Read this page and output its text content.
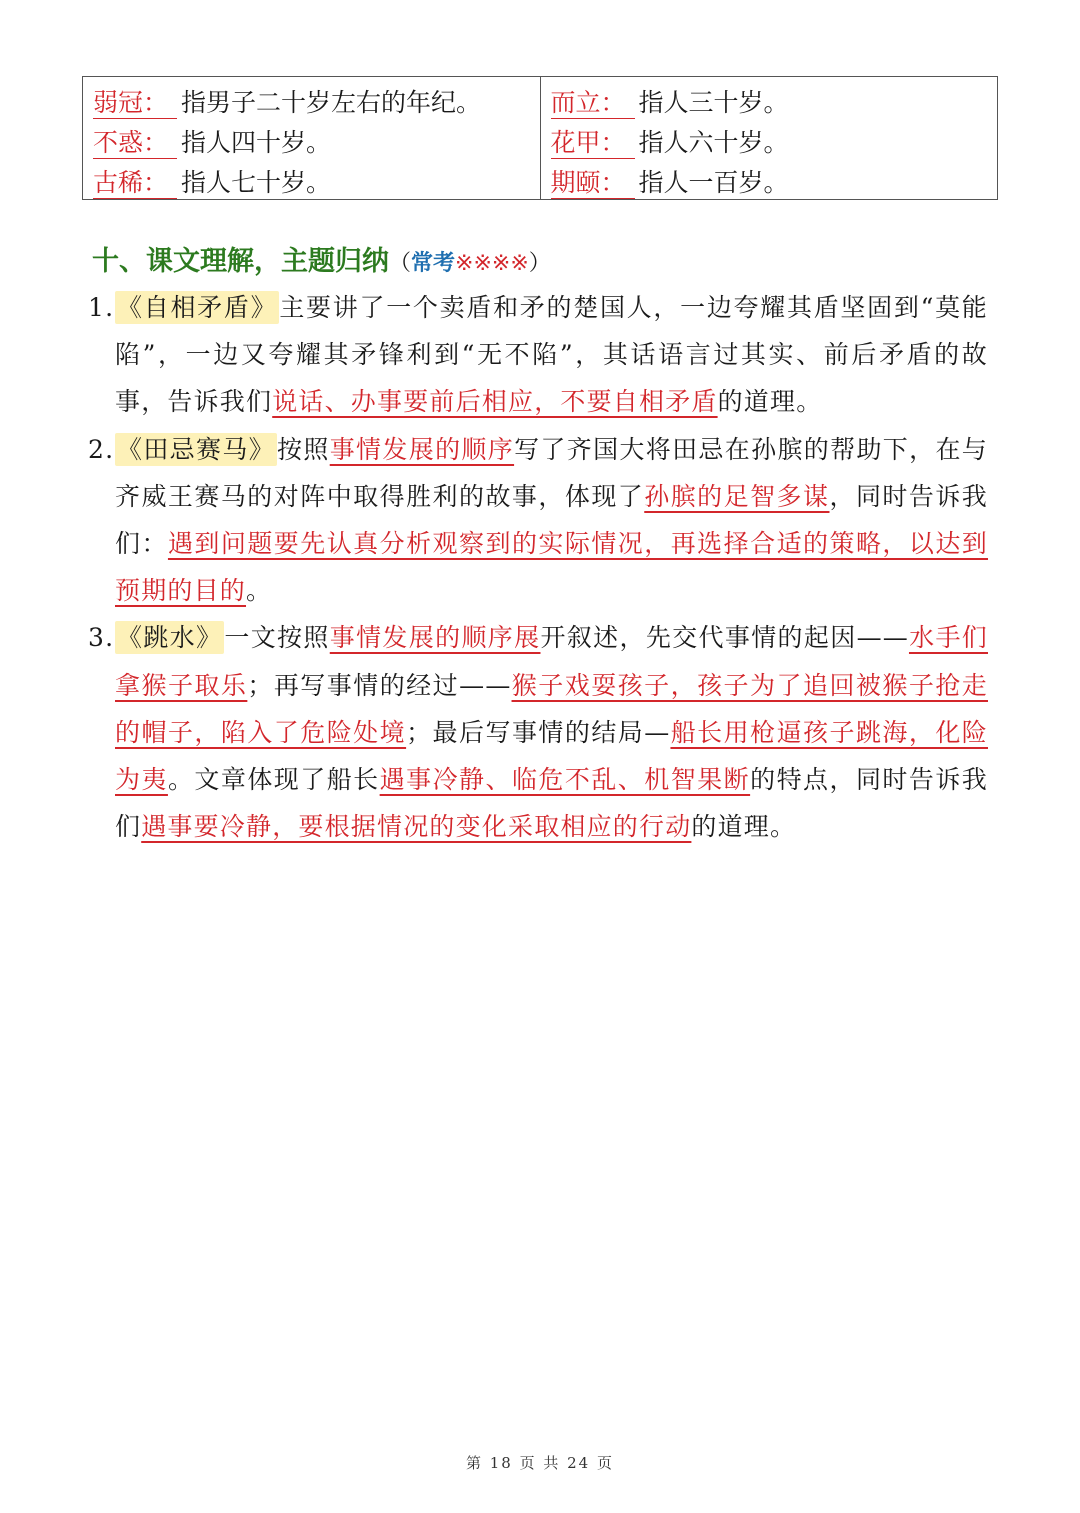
弱冠： 指男子二十岁左右的年纪。
不惑： 指人四十岁。
古稀： 指人七十岁。
而立： 指人三十岁。
花甲： 指人六十岁。
期颐： 指人一百岁。
十、课文理解，主题归纳（常考※※※※）

1. 《自相矛盾》主要讲了一个卖盾和矛的楚国人，一边夸耀其盾坚固到“莫能陷”，一边又夸耀其矛锋利到“无不陷”，其话语言过其实、前后矛盾的故事，告诉我们说话、办事要前后相应，不要自相矛盾的道理。

2. 《田忌赛马》按照事情发展的顺序写了齐国大将田忌在孙膑的帮助下，在与齐威王赛马的对阵中取得胜利的故事，体现了孙膑的足智多谋，同时告诉我们：遇到问题要先认真分析观察到的实际情况，再选择合适的策略，以达到预期的目的。

3. 《跳水》一文按照事情发展的顺序展开叙述，先交代事情的起因——水手们拿猴子取乐；再写事情的经过——猴子戏耍孩子，孩子为了追回被猴子抢走的帽子，陷入了危险处境；最后写事情的结局—船长用枪逼孩子跳海，化险为夷。文章体现了船长遇事冷静、临危不乱、机智果断的特点，同时告诉我们遇事要冷静，要根据情况的变化采取相应的行动的道理。

第 18 页 共 24 页
